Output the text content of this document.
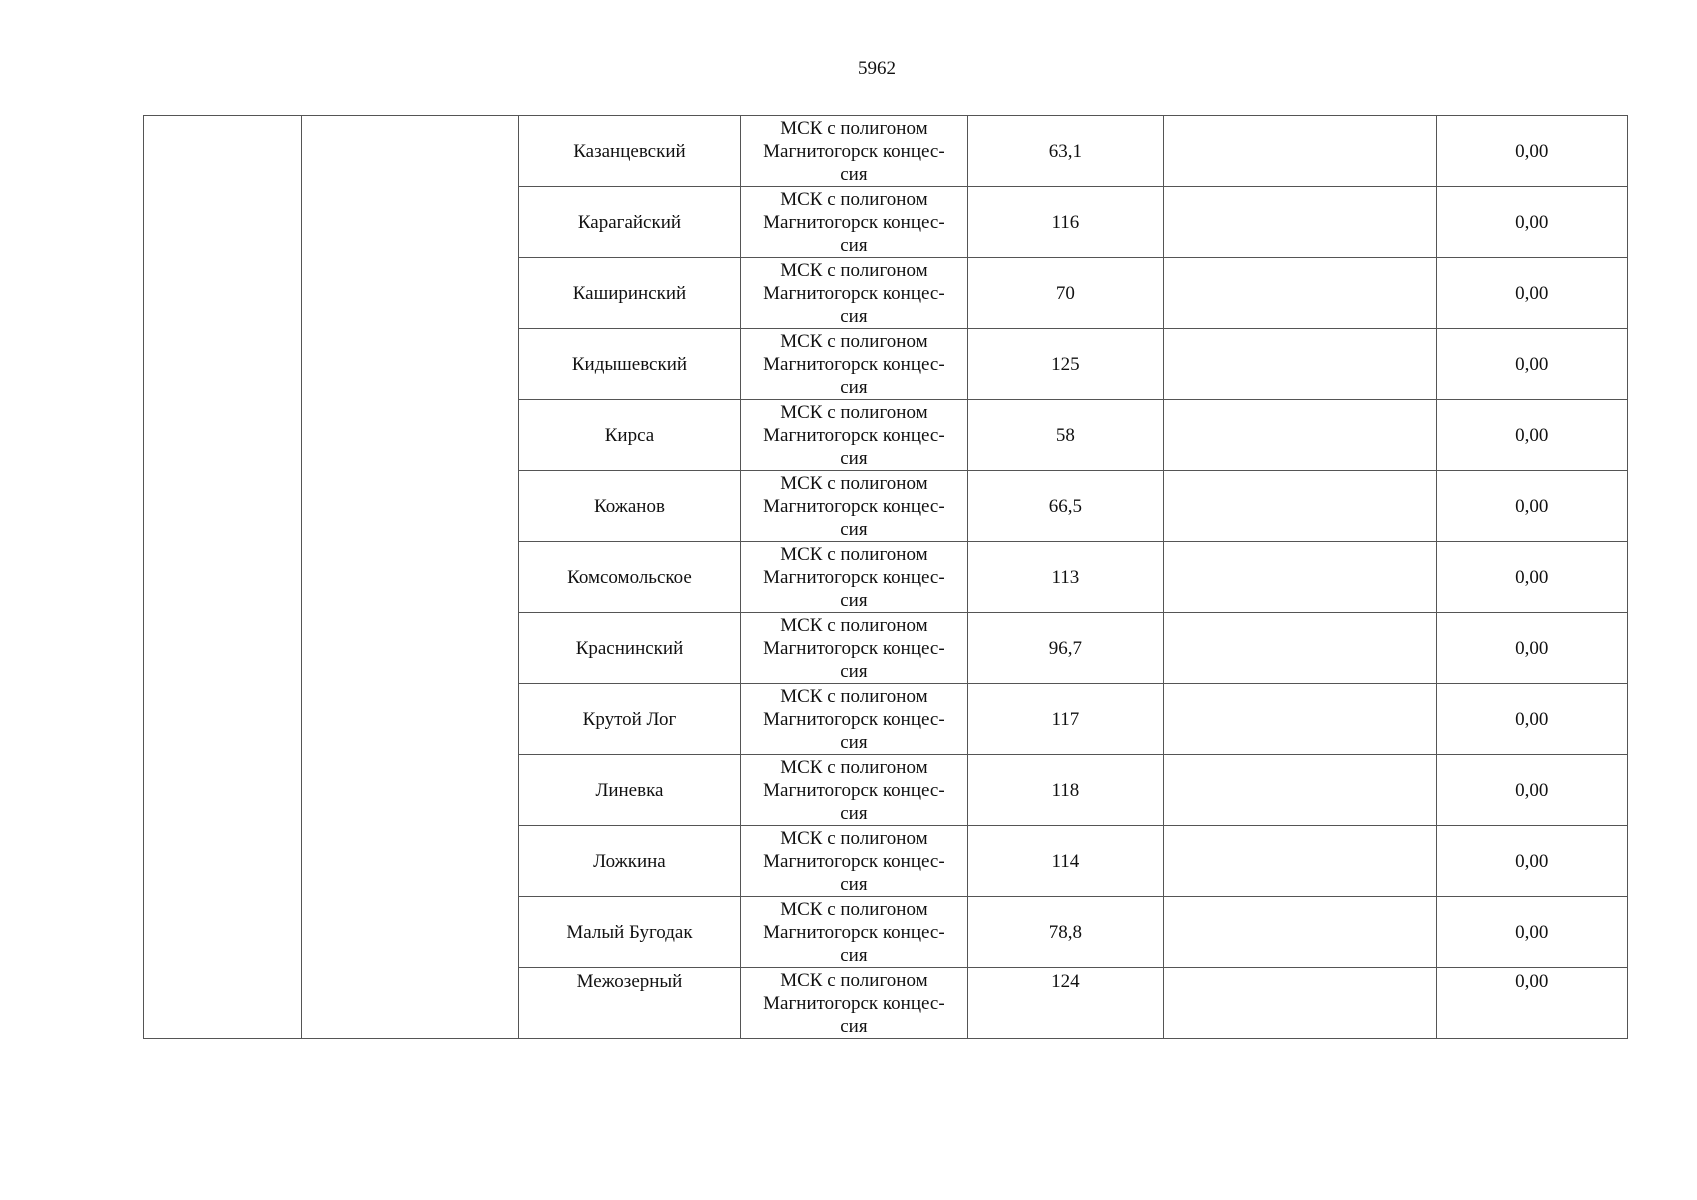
5962
		Казанцевский	МСК с полигоном
Магнитогорск концес-
сия	63,1		0,00
		Карагайский	МСК с полигоном
Магнитогорск концес-
сия	116		0,00
		Каширинский	МСК с полигоном
Магнитогорск концес-
сия	70		0,00
		Кидышевский	МСК с полигоном
Магнитогорск концес-
сия	125		0,00
		Кирса	МСК с полигоном
Магнитогорск концес-
сия	58		0,00
		Кожанов	МСК с полигоном
Магнитогорск концес-
сия	66,5		0,00
		Комсомольское	МСК с полигоном
Магнитогорск концес-
сия	113		0,00
		Краснинский	МСК с полигоном
Магнитогорск концес-
сия	96,7		0,00
		Крутой Лог	МСК с полигоном
Магнитогорск концес-
сия	117		0,00
		Линевка	МСК с полигоном
Магнитогорск концес-
сия	118		0,00
		Ложкина	МСК с полигоном
Магнитогорск концес-
сия	114		0,00
		Малый Бугодак	МСК с полигоном
Магнитогорск концес-
сия	78,8		0,00
		Межозерный	МСК с полигоном
Магнитогорск концес-
сия	124		0,00
